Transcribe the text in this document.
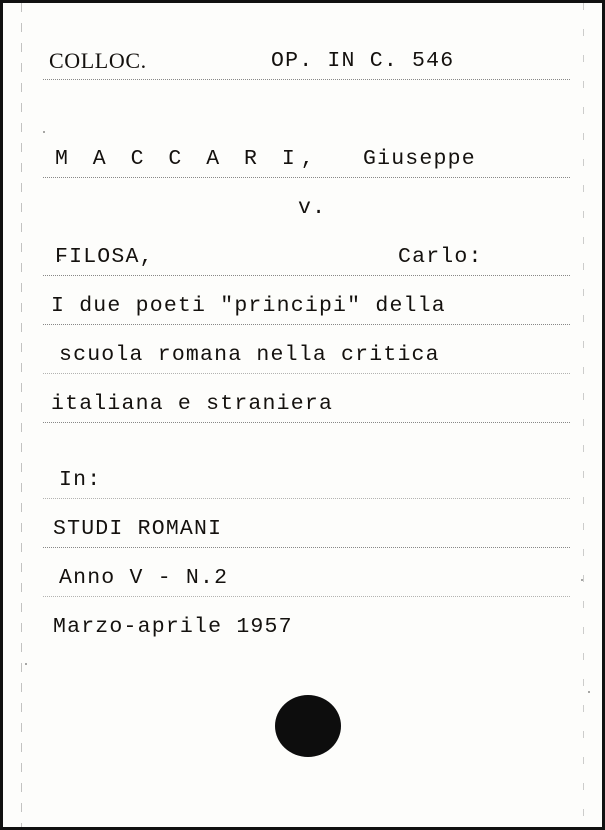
COLLOC.

	OP. IN C. 546

M A C C A R I,

Giuseppe

v.

FILOSA,

	Carlo:

I due poeti "principi" della

scuola romana nella critica

italiana e straniera

In:

STUDI ROMANI

Anno V - N.2

Marzo-aprile 1957
